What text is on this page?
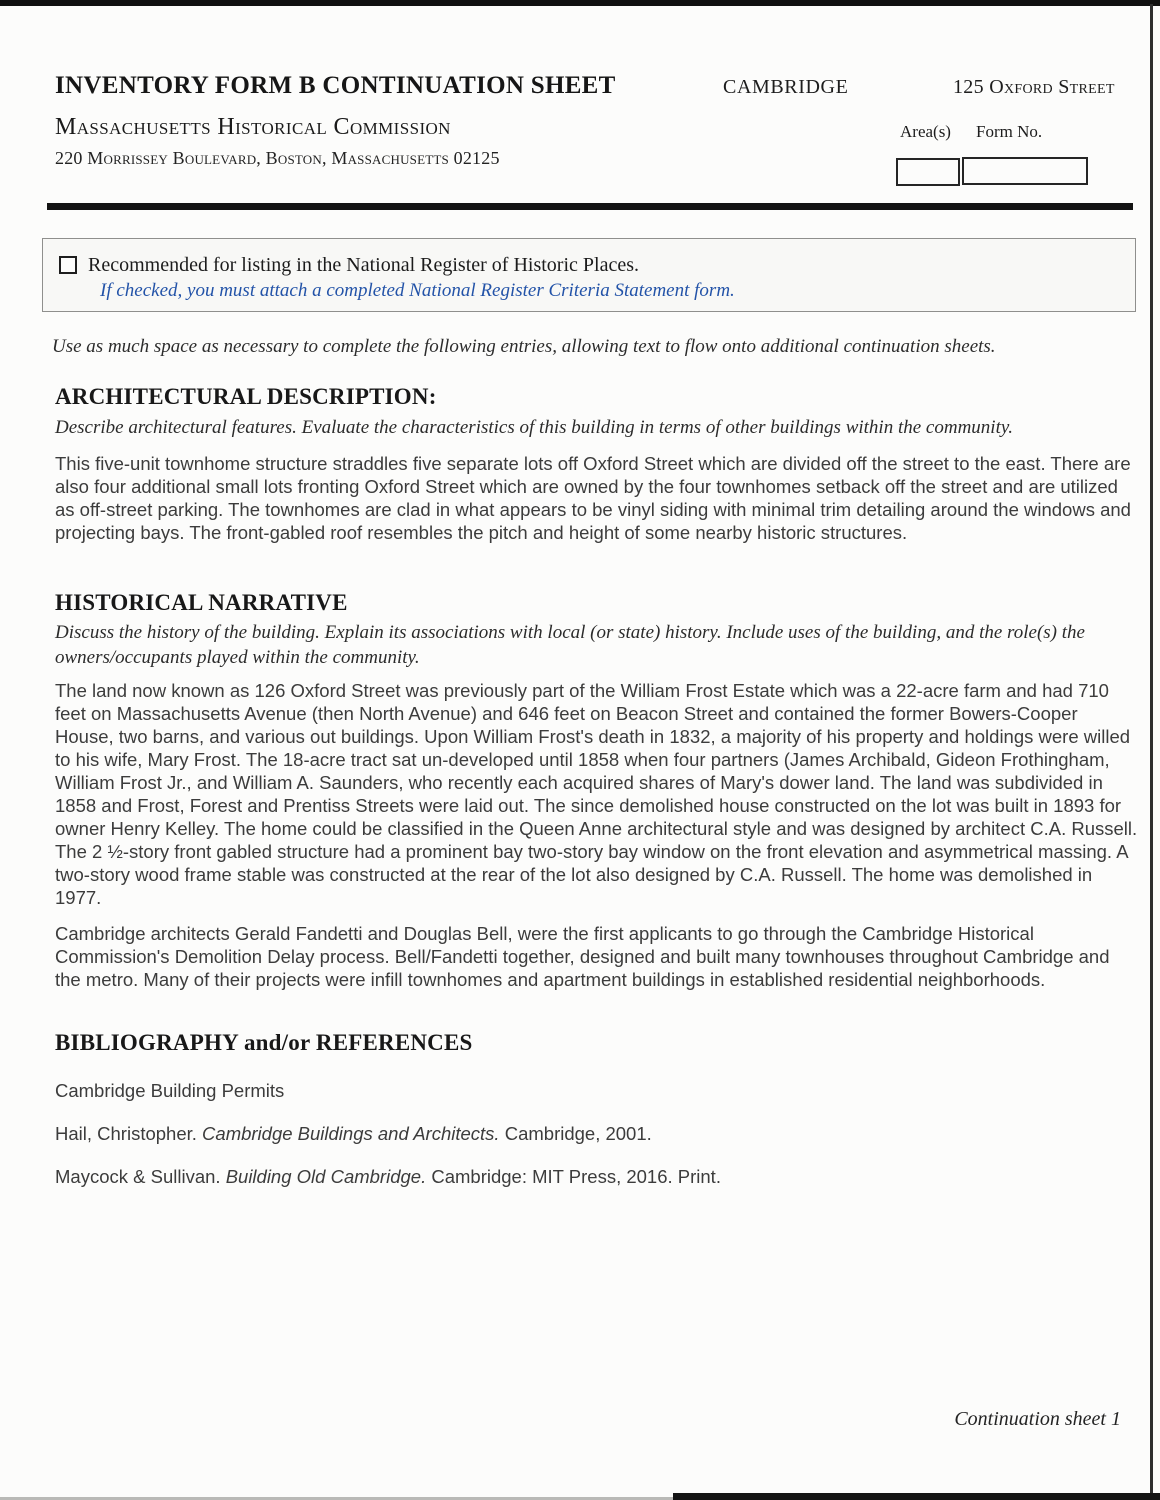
INVENTORY FORM B CONTINUATION SHEET	CAMBRIDGE	125 Oxford Street
Massachusetts Historical Commission
220 Morrissey Boulevard, Boston, Massachusetts 02125
Area(s) Form No.
Recommended for listing in the National Register of Historic Places.
If checked, you must attach a completed National Register Criteria Statement form.
Use as much space as necessary to complete the following entries, allowing text to flow onto additional continuation sheets.
ARCHITECTURAL DESCRIPTION:
Describe architectural features. Evaluate the characteristics of this building in terms of other buildings within the community.
This five-unit townhome structure straddles five separate lots off Oxford Street which are divided off the street to the east. There are also four additional small lots fronting Oxford Street which are owned by the four townhomes setback off the street and are utilized as off-street parking. The townhomes are clad in what appears to be vinyl siding with minimal trim detailing around the windows and projecting bays. The front-gabled roof resembles the pitch and height of some nearby historic structures.
HISTORICAL NARRATIVE
Discuss the history of the building. Explain its associations with local (or state) history. Include uses of the building, and the role(s) the owners/occupants played within the community.
The land now known as 126 Oxford Street was previously part of the William Frost Estate which was a 22-acre farm and had 710 feet on Massachusetts Avenue (then North Avenue) and 646 feet on Beacon Street and contained the former Bowers-Cooper House, two barns, and various out buildings. Upon William Frost's death in 1832, a majority of his property and holdings were willed to his wife, Mary Frost. The 18-acre tract sat un-developed until 1858 when four partners (James Archibald, Gideon Frothingham, William Frost Jr., and William A. Saunders, who recently each acquired shares of Mary's dower land. The land was subdivided in 1858 and Frost, Forest and Prentiss Streets were laid out. The since demolished house constructed on the lot was built in 1893 for owner Henry Kelley. The home could be classified in the Queen Anne architectural style and was designed by architect C.A. Russell. The 2 ½-story front gabled structure had a prominent bay two-story bay window on the front elevation and asymmetrical massing. A two-story wood frame stable was constructed at the rear of the lot also designed by C.A. Russell. The home was demolished in 1977.
Cambridge architects Gerald Fandetti and Douglas Bell, were the first applicants to go through the Cambridge Historical Commission's Demolition Delay process. Bell/Fandetti together, designed and built many townhouses throughout Cambridge and the metro. Many of their projects were infill townhomes and apartment buildings in established residential neighborhoods.
BIBLIOGRAPHY and/or REFERENCES
Cambridge Building Permits
Hail, Christopher. Cambridge Buildings and Architects. Cambridge, 2001.
Maycock & Sullivan. Building Old Cambridge. Cambridge: MIT Press, 2016. Print.
Continuation sheet 1
